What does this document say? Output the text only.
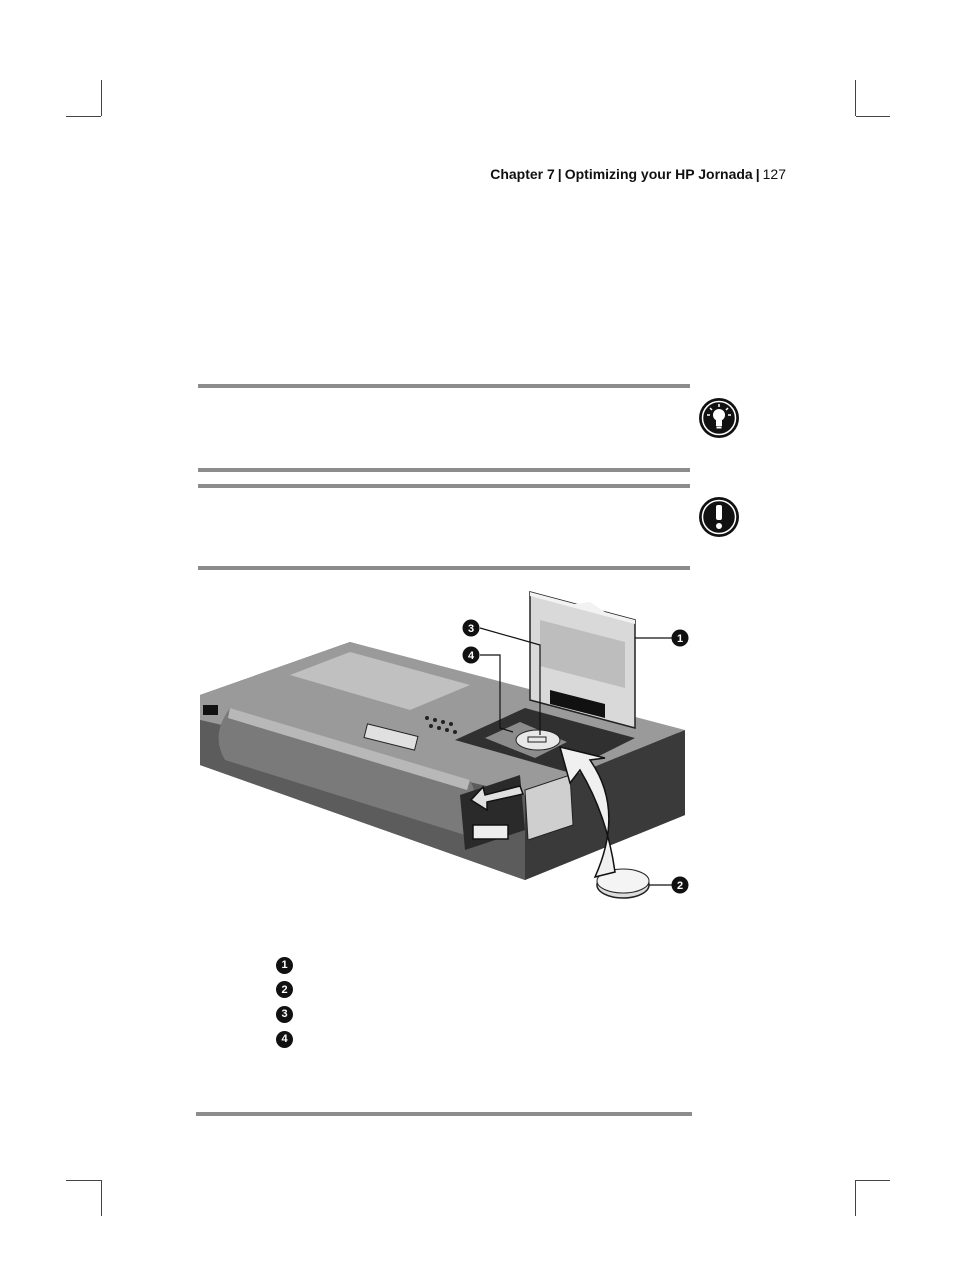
Chapter 7 | Optimizing your HP Jornada | 127
3
4
1
2
1
2
3
4
